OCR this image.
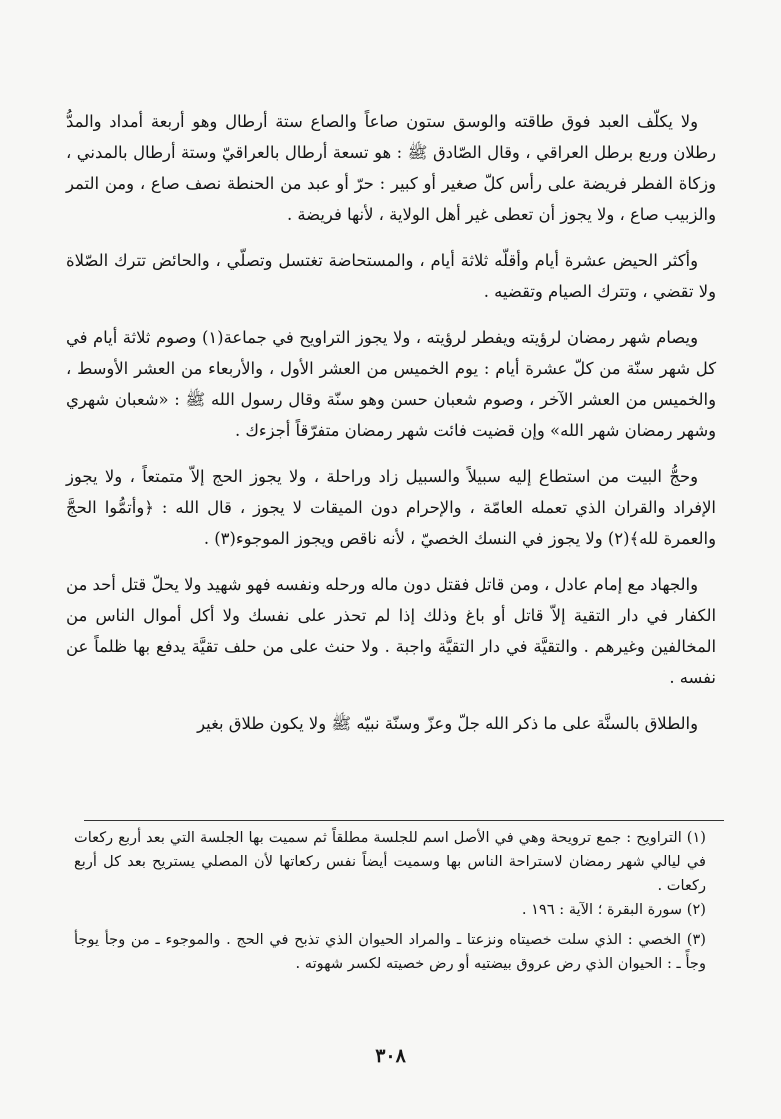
ولا يكلّف العبد فوق طاقته والوسق ستون صاعاً والصاع ستة أرطال وهو أربعة أمداد والمدُّ رطلان وربع برطل العراقي ، وقال الصّادق ﷺ : هو تسعة أرطال بالعراقيّ وستة أرطال بالمدني ، وزكاة الفطر فريضة على رأس كلّ صغير أو كبير : حرّ أو عبد من الحنطة نصف صاع ، ومن التمر والزبيب صاع ، ولا يجوز أن تعطى غير أهل الولاية ، لأنها فريضة .

وأكثر الحيض عشرة أيام وأقلّه ثلاثة أيام ، والمستحاضة تغتسل وتصلّي ، والحائض تترك الصّلاة ولا تقضي ، وتترك الصيام وتقضيه .

ويصام شهر رمضان لرؤيته ويفطر لرؤيته ، ولا يجوز التراويح في جماعة(١) وصوم ثلاثة أيام في كل شهر سنّة من كلّ عشرة أيام : يوم الخميس من العشر الأول ، والأربعاء من العشر الأوسط ، والخميس من العشر الآخر ، وصوم شعبان حسن وهو سنّة وقال رسول الله ﷺ : «شعبان شهري وشهر رمضان شهر الله» وإن قضيت فائت شهر رمضان متفرّقاً أجزءك .

وحجُّ البيت من استطاع إليه سبيلاً والسبيل زاد وراحلة ، ولا يجوز الحج إلاّ متمتعاً ، ولا يجوز الإفراد والقران الذي تعمله العامّة ، والإحرام دون الميقات لا يجوز ، قال الله : ﴿وأتمُّوا الحجَّ والعمرة لله﴾(٢) ولا يجوز في النسك الخصيّ ، لأنه ناقص ويجوز الموجوء(٣) .

والجهاد مع إمام عادل ، ومن قاتل فقتل دون ماله ورحله ونفسه فهو شهيد ولا يحلّ قتل أحد من الكفار في دار التقية إلاّ قاتل أو باغ وذلك إذا لم تحذر على نفسك ولا أكل أموال الناس من المخالفين وغيرهم . والتقيَّة في دار التقيَّة واجبة . ولا حنث على من حلف تقيَّة يدفع بها ظلماً عن نفسه .

والطلاق بالسنَّة على ما ذكر الله جلّ وعزّ وسنّة نبيّه ﷺ ولا يكون طلاق بغير

(١) التراويح : جمع ترويحة وهي في الأصل اسم للجلسة مطلقاً ثم سميت بها الجلسة التي بعد أربع ركعات في ليالي شهر رمضان لاستراحة الناس بها وسميت أيضاً نفس ركعاتها لأن المصلي يستريح بعد كل أربع ركعات .

(٢) سورة البقرة ؛ الآية : ١٩٦ .

(٣) الخصي : الذي سلت خصيتاه ونزعتا ـ والمراد الحيوان الذي تذبح في الحج . والموجوء ـ من وجأ يوجأ وجأً ـ : الحيوان الذي رض عروق بيضتيه أو رض خصيته لكسر شهوته .

٣٠٨
